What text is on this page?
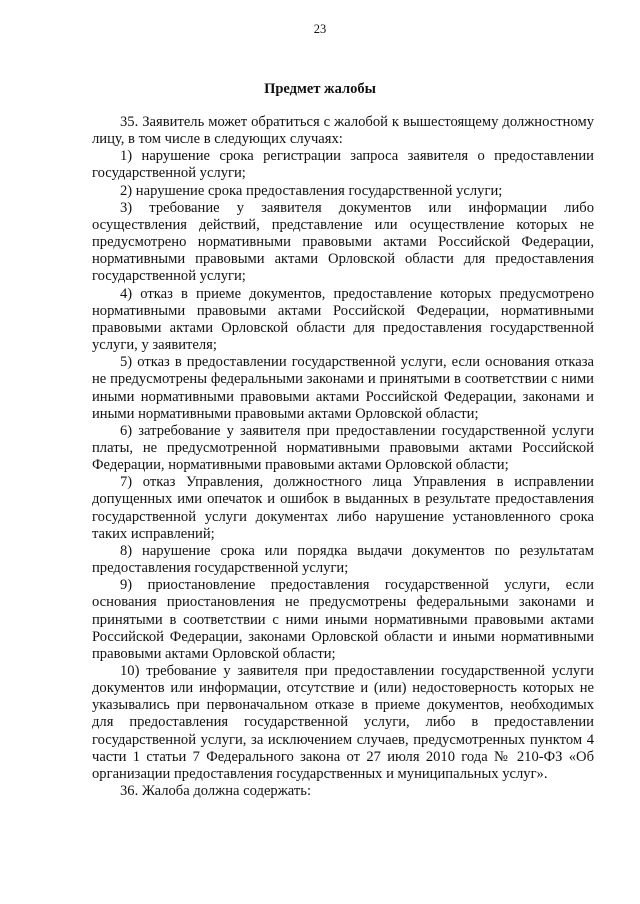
23
Предмет жалобы

35. Заявитель может обратиться с жалобой к вышестоящему должностному лицу, в том числе в следующих случаях:

1) нарушение срока регистрации запроса заявителя о предоставлении государственной услуги;

2) нарушение срока предоставления государственной услуги;

3) требование у заявителя документов или информации либо осуществления действий, представление или осуществление которых не предусмотрено нормативными правовыми актами Российской Федерации, нормативными правовыми актами Орловской области для предоставления государственной услуги;

4) отказ в приеме документов, предоставление которых предусмотрено нормативными правовыми актами Российской Федерации, нормативными правовыми актами Орловской области для предоставления государственной услуги, у заявителя;

5) отказ в предоставлении государственной услуги, если основания отказа не предусмотрены федеральными законами и принятыми в соответствии с ними иными нормативными правовыми актами Российской Федерации, законами и иными нормативными правовыми актами Орловской области;

6) затребование у заявителя при предоставлении государственной услуги платы, не предусмотренной нормативными правовыми актами Российской Федерации, нормативными правовыми актами Орловской области;

7) отказ Управления, должностного лица Управления в исправлении допущенных ими опечаток и ошибок в выданных в результате предоставления государственной услуги документах либо нарушение установленного срока таких исправлений;

8) нарушение срока или порядка выдачи документов по результатам предоставления государственной услуги;

9) приостановление предоставления государственной услуги, если основания приостановления не предусмотрены федеральными законами и принятыми в соответствии с ними иными нормативными правовыми актами Российской Федерации, законами Орловской области и иными нормативными правовыми актами Орловской области;

10) требование у заявителя при предоставлении государственной услуги документов или информации, отсутствие и (или) недостоверность которых не указывались при первоначальном отказе в приеме документов, необходимых для предоставления государственной услуги, либо в предоставлении государственной услуги, за исключением случаев, предусмотренных пунктом 4 части 1 статьи 7 Федерального закона от 27 июля 2010 года № 210-ФЗ «Об организации предоставления государственных и муниципальных услуг».

36. Жалоба должна содержать:
